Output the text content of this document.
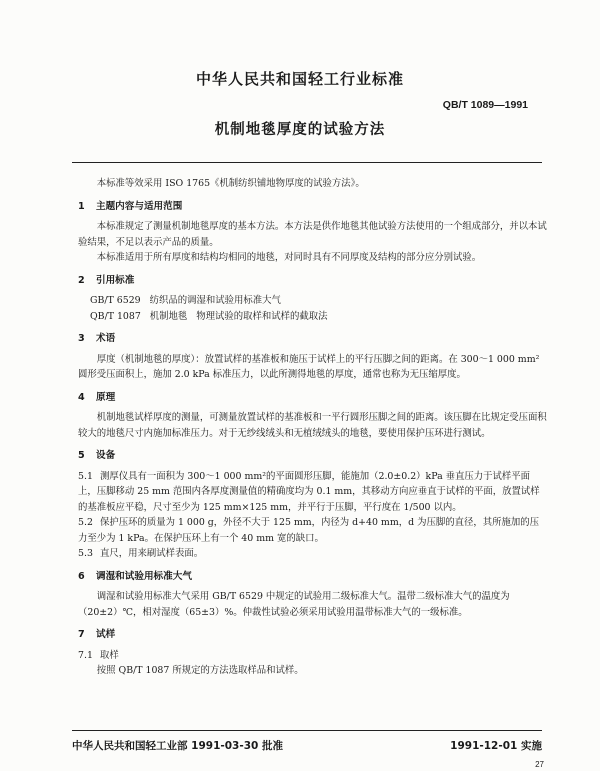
中华人民共和国轻工行业标准
QB/T 1089—1991
机制地毯厚度的试验方法

本标准等效采用 ISO 1765《机制纺织铺地物厚度的试验方法》。

1 主题内容与适用范围

本标准规定了测量机制地毯厚度的基本方法。本方法是供作地毯其他试验方法使用的一个组成部分，并以本试验结果，不足以表示产品的质量。

本标准适用于所有厚度和结构均相同的地毯，对同时具有不同厚度及结构的部分应分别试验。

2 引用标准
GB/T 6529   纺织品的调湿和试验用标准大气
QB/T 1087   机制地毯   物理试验的取样和试样的截取法
3 术语

厚度（机制地毯的厚度）：放置试样的基准板和施压于试样上的平行压脚之间的距离。在 300～1 000 mm²圆形受压面积上，施加 2.0 kPa 标准压力，以此所测得地毯的厚度，通常也称为无压缩厚度。

4 原理

机制地毯试样厚度的测量，可测量放置试样的基准板和一平行圆形压脚之间的距离。该压脚在比规定受压面积较大的地毯尺寸内施加标准压力。对于无纱线绒头和无植绒绒头的地毯，要使用保护压环进行测试。

5 设备
5.1 测厚仪具有一面积为 300～1 000 mm²的平面圆形压脚，能施加（2.0±0.2）kPa 垂直压力于试样平面上，压脚移动 25 mm 范围内各厚度测量值的精确度均为 0.1 mm，其移动方向应垂直于试样的平面，放置试样的基准板应平稳，尺寸至少为 125 mm×125 mm，并平行于压脚，平行度在 1/500 以内。
5.2 保护压环的质量为 1 000 g，外径不大于 125 mm，内径为 d+40 mm，d 为压脚的直径，其所施加的压力至少为 1 kPa。在保护压环上有一个 40 mm 宽的缺口。
5.3 直尺，用来刷试样表面。
6 调湿和试验用标准大气

调湿和试验用标准大气采用 GB/T 6529 中规定的试验用二级标准大气。温带二级标准大气的温度为（20±2）℃，相对湿度（65±3）%。仲裁性试验必须采用试验用温带标准大气的一级标准。

7 试样
7.1 取样

按照 QB/T 1087 所规定的方法选取样品和试样。

中华人民共和国轻工业部 1991-03-30 批准	1991-12-01 实施
27
